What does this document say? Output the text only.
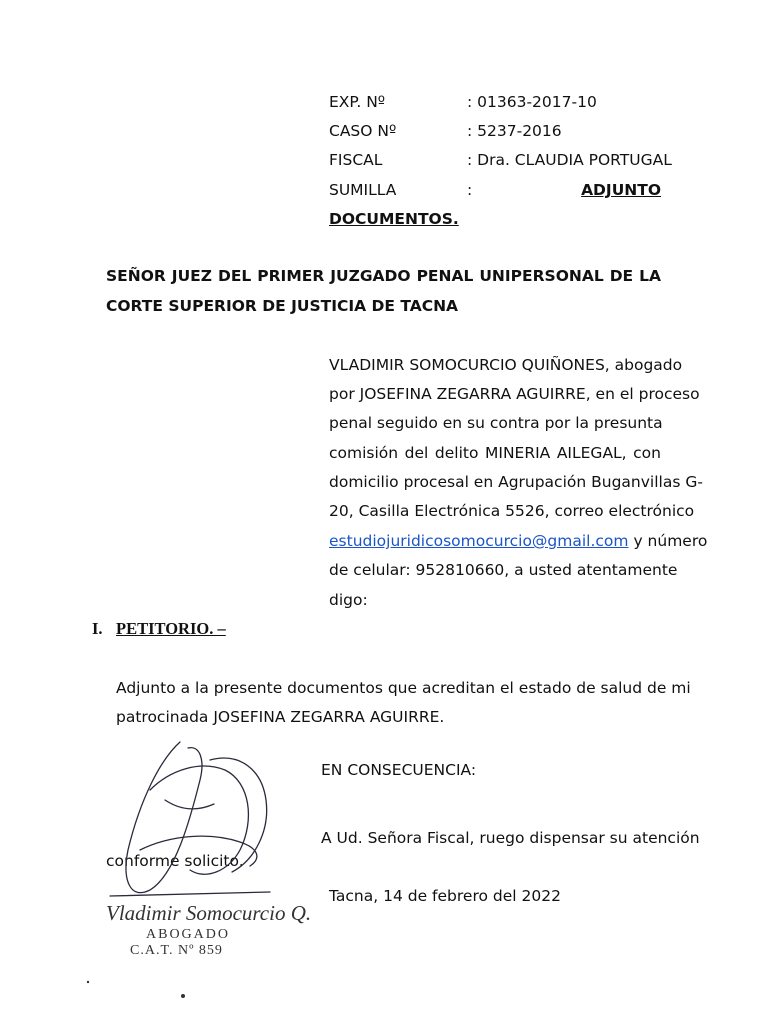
EXP. Nº	: 01363-2017-10
CASO Nº	: 5237-2016
FISCAL	: Dra. CLAUDIA PORTUGAL
SUMILLA	:	ADJUNTO
DOCUMENTOS.
SEÑOR JUEZ DEL PRIMER JUZGADO PENAL UNIPERSONAL DE LA
CORTE SUPERIOR DE JUSTICIA DE TACNA
VLADIMIR SOMOCURCIO QUIÑONES, abogado
por JOSEFINA ZEGARRA AGUIRRE, en el proceso
penal seguido en su contra por la presunta
comisión del delito MINERIA AILEGAL, con
domicilio procesal en Agrupación Buganvillas G-
20, Casilla Electrónica 5526, correo electrónico
estudiojuridicosomocurcio@gmail.com y número
de celular: 952810660, a usted atentamente
digo:
I. PETITORIO. –
Adjunto a la presente documentos que acreditan el estado de salud de mi
patrocinada JOSEFINA ZEGARRA AGUIRRE.
EN CONSECUENCIA:
A Ud. Señora Fiscal, ruego dispensar su atención
conforme solicito.
Tacna, 14 de febrero del 2022
Vladimir Somocurcio Q.
ABOGADO
C.A.T. Nº 859
